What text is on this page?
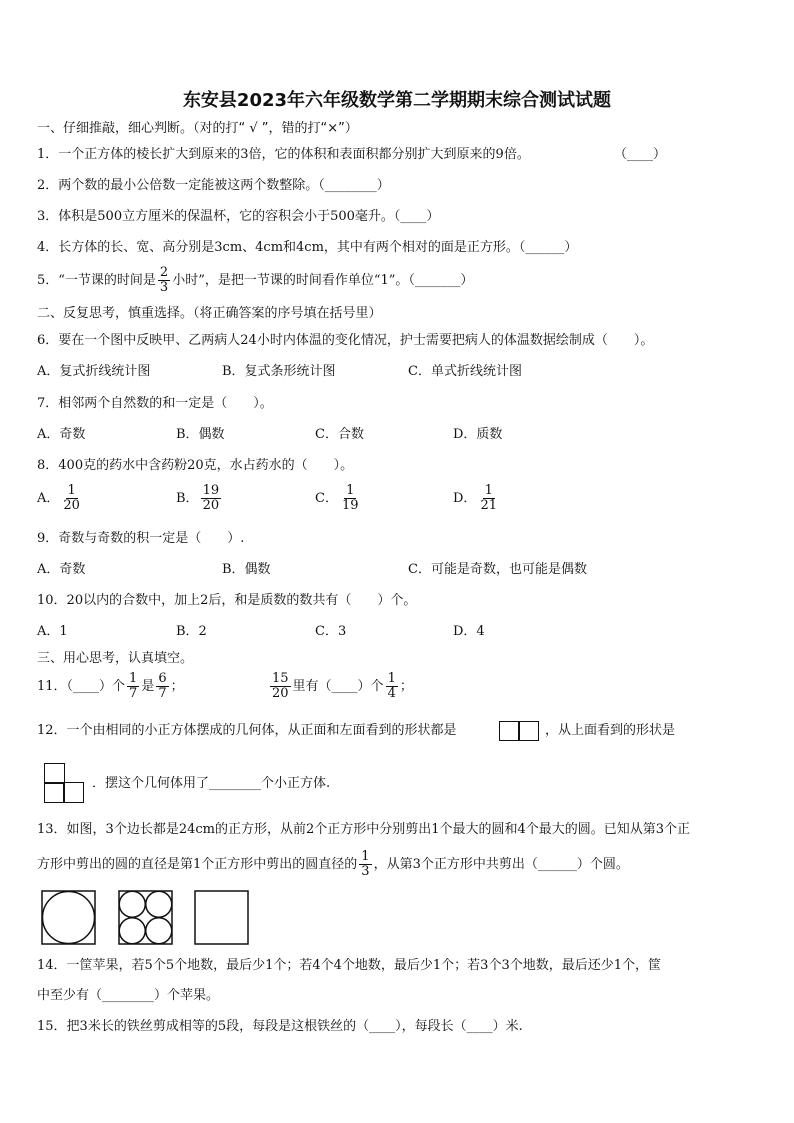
东安县2023年六年级数学第二学期期末综合测试试题
一、仔细推敲，细心判断。（对的打“ √ ”，错的打“×”）
1．一个正方体的棱长扩大到原来的3倍，它的体积和表面积都分别扩大到原来的9倍。	（____）
2．两个数的最小公倍数一定能被这两个数整除。（________）
3．体积是500立方厘米的保温杯，它的容积会小于500毫升。（____）
4．长方体的长、宽、高分别是3cm、4cm和4cm，其中有两个相对的面是正方形。（______）
5．“一节课的时间是 $\frac{2}{3}$ 小时”，是把一节课的时间看作单位“1”。（_______）
二、反复思考，慎重选择。（将正确答案的序号填在括号里）
6．要在一个图中反映甲、乙两病人24小时内体温的变化情况，护士需要把病人的体温数据绘制成（　　）。
A．复式折线统计图	B．复式条形统计图	C．单式折线统计图
7．相邻两个自然数的和一定是（　　）。
A．奇数	B．偶数	C．合数	D．质数
8．400克的药水中含药粉20克，水占药水的（　　）。
A． $\frac{1}{20}$	B． $\frac{19}{20}$	C． $\frac{1}{19}$	D． $\frac{1}{21}$
9．奇数与奇数的积一定是（　　）.
A．奇数	B．偶数	C．可能是奇数，也可能是偶数
10．20以内的合数中，加上2后，和是质数的数共有（　　）个。
A．1	B．2	C．3	D．4
三、用心思考，认真填空。
11．（____）个 $\frac{1}{7}$ 是 $\frac{6}{7}$ ；	$\frac{15}{20}$ 里有（____）个 $\frac{1}{4}$ ；
12．一个由相同的小正方体摆成的几何体，从正面和左面看到的形状都是	，从上面看到的形状是
．摆这个几何体用了________个小正方体.
13．如图，3个边长都是24cm的正方形，从前2个正方形中分别剪出1个最大的圆和4个最大的圆。已知从第3个正
方形中剪出的圆的直径是第1个正方形中剪出的圆直径的 $\frac{1}{3}$ ，从第3个正方形中共剪出（______）个圆。
14．一筐苹果，若5个5个地数，最后少1个；若4个4个地数，最后少1个；若3个3个地数，最后还少1个，筐
中至少有（________）个苹果。
15．把3米长的铁丝剪成相等的5段，每段是这根铁丝的（____），每段长（____）米.
